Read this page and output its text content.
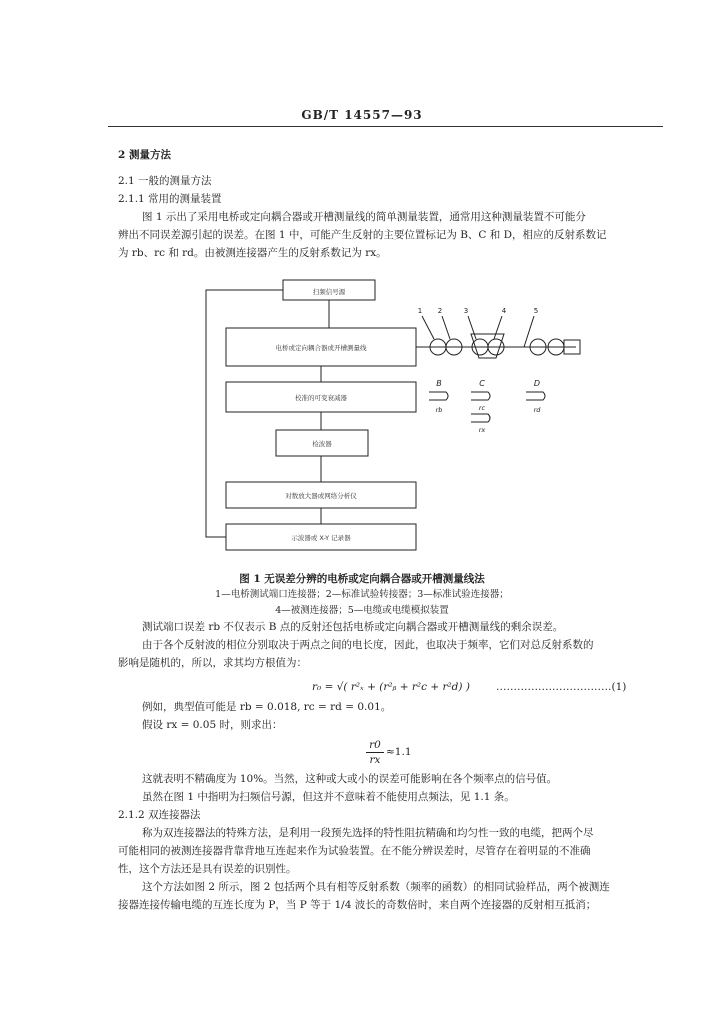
GB/T 14557—93
2 测量方法
2.1 一般的测量方法
2.1.1 常用的测量装置
图 1 示出了采用电桥或定向耦合器或开槽测量线的简单测量装置，通常用这种测量装置不可能分
辨出不同误差源引起的误差。在图 1 中，可能产生反射的主要位置标记为 B、C 和 D，相应的反射系数记
为 rb、rc 和 rd。由被测连接器产生的反射系数记为 rx。
扫频信号源
电桥或定向耦合器或开槽测量线
校准的可变衰减器
检波器
对数放大器或网络分析仪
示波器或 X-Y 记录器
1 2	3	4	5
B	C	D
rb	rc
rx
rd
图 1 无误差分辨的电桥或定向耦合器或开槽测量线法
1—电桥测试端口连接器；2—标准试验转接器；3—标准试验连接器；
4—被测连接器；5—电缆或电缆模拟装置
测试端口误差 rb 不仅表示 B 点的反射还包括电桥或定向耦合器或开槽测量线的剩余误差。
由于各个反射波的相位分别取决于两点之间的电长度，因此，也取决于频率，它们对总反射系数的
影响是随机的，所以，求其均方根值为：
r₀ = √( r²ₓ + (r²ᵦ + r²c + r²d) ) ……………………………(1)
例如，典型值可能是 rb = 0.018, rc = rd = 0.01。
假设 rx = 0.05 时，则求出：
$\frac{r0}{rx} \approx 1.1$
这就表明不精确度为 10%。当然，这种或大或小的误差可能影响在各个频率点的信号值。
虽然在图 1 中指明为扫频信号源，但这并不意味着不能使用点频法，见 1.1 条。
2.1.2 双连接器法
称为双连接器法的特殊方法，是利用一段预先选择的特性阻抗精确和均匀性一致的电缆，把两个尽
可能相同的被测连接器背靠背地互连起来作为试验装置。在不能分辨误差时，尽管存在着明显的不准确
性，这个方法还是具有误差的识别性。
这个方法如图 2 所示，图 2 包括两个具有相等反射系数（频率的函数）的相同试验样品，两个被测连
接器连接传输电缆的互连长度为 P，当 P 等于 1/4 波长的奇数倍时，来自两个连接器的反射相互抵消；
